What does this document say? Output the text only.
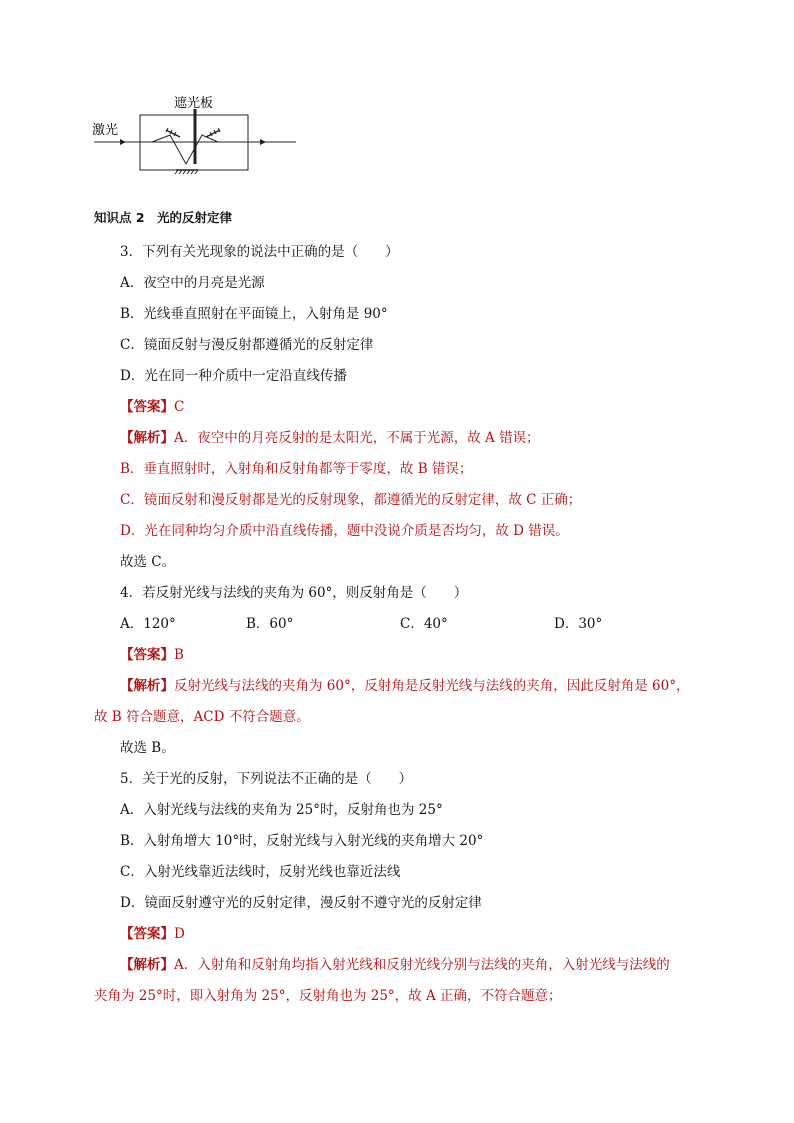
激光
遮光板
知识点 2　光的反射定律
3．下列有关光现象的说法中正确的是（　　）
A．夜空中的月亮是光源
B．光线垂直照射在平面镜上，入射角是 90°
C．镜面反射与漫反射都遵循光的反射定律
D．光在同一种介质中一定沿直线传播
【答案】C
【解析】A．夜空中的月亮反射的是太阳光，不属于光源，故 A 错误；
B．垂直照射时，入射角和反射角都等于零度，故 B 错误；
C．镜面反射和漫反射都是光的反射现象，都遵循光的反射定律，故 C 正确；
D．光在同种均匀介质中沿直线传播，题中没说介质是否均匀，故 D 错误。
故选 C。
4．若反射光线与法线的夹角为 60°，则反射角是（　　）
A．120°	B．60°	C．40°	D．30°
【答案】B
【解析】反射光线与法线的夹角为 60°，反射角是反射光线与法线的夹角，因此反射角是 60°，
故 B 符合题意，ACD 不符合题意。
故选 B。
5．关于光的反射，下列说法不正确的是（　　）
A．入射光线与法线的夹角为 25°时，反射角也为 25°
B．入射角增大 10°时，反射光线与入射光线的夹角增大 20°
C．入射光线靠近法线时，反射光线也靠近法线
D．镜面反射遵守光的反射定律，漫反射不遵守光的反射定律
【答案】D
【解析】A．入射角和反射角均指入射光线和反射光线分别与法线的夹角，入射光线与法线的
夹角为 25°时，即入射角为 25°，反射角也为 25°，故 A 正确，不符合题意；
